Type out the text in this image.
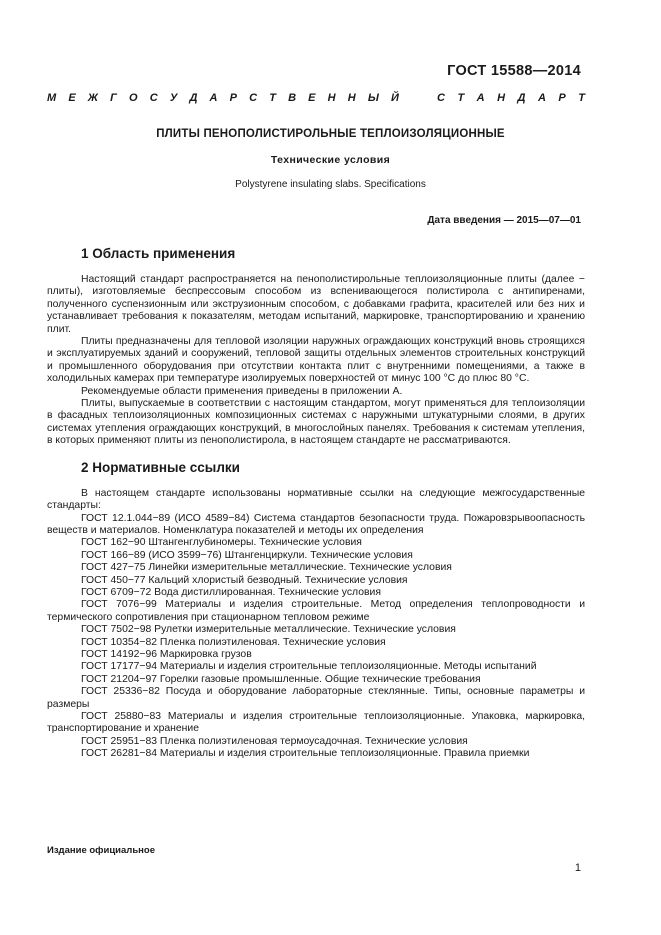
ГОСТ 15588—2014
М Е Ж Г О С У Д А Р С Т В Е Н Н Ы Й	С Т А Н Д А Р Т
ПЛИТЫ ПЕНОПОЛИСТИРОЛЬНЫЕ ТЕПЛОИЗОЛЯЦИОННЫЕ
Технические условия
Polystyrene insulating slabs. Specifications
Дата введения — 2015—07—01
1 Область применения

Настоящий стандарт распространяется на пенополистирольные теплоизоляционные плиты (далее − плиты), изготовляемые беспрессовым способом из вспенивающегося полистирола с антипиренами, полученного суспензионным или экструзионным способом, с добавками графита, красителей или без них и устанавливает требования к показателям, методам испытаний, маркировке, транспортированию и хранению плит.

Плиты предназначены для тепловой изоляции наружных ограждающих конструкций вновь строящихся и эксплуатируемых зданий и сооружений, тепловой защиты отдельных элементов строительных конструкций и промышленного оборудования при отсутствии контакта плит с внутренними помещениями, а также в холодильных камерах при температуре изолируемых поверхностей от минус 100 °С до плюс 80 °С.

Рекомендуемые области применения приведены в приложении А.

Плиты, выпускаемые в соответствии с настоящим стандартом, могут применяться для теплоизоляции в фасадных теплоизоляционных композиционных системах с наружными штукатурными слоями, в других системах утепления ограждающих конструкций, в многослойных панелях. Требования к системам утепления, в которых применяют плиты из пенополистирола, в настоящем стандарте не рассматриваются.

2 Нормативные ссылки

В настоящем стандарте использованы нормативные ссылки на следующие межгосударственные стандарты:

ГОСТ 12.1.044−89 (ИСО 4589−84) Система стандартов безопасности труда. Пожаровзрывоопасность веществ и материалов. Номенклатура показателей и методы их определения

ГОСТ 162−90 Штангенглубиномеры. Технические условия

ГОСТ 166−89 (ИСО 3599−76) Штангенциркули. Технические условия

ГОСТ 427−75 Линейки измерительные металлические. Технические условия

ГОСТ 450−77 Кальций хлористый безводный. Технические условия

ГОСТ 6709−72 Вода дистиллированная. Технические условия

ГОСТ 7076−99 Материалы и изделия строительные. Метод определения теплопроводности и термического сопротивления при стационарном тепловом режиме

ГОСТ 7502−98 Рулетки измерительные металлические. Технические условия

ГОСТ 10354−82 Пленка полиэтиленовая. Технические условия

ГОСТ 14192−96 Маркировка грузов

ГОСТ 17177−94 Материалы и изделия строительные теплоизоляционные. Методы испытаний

ГОСТ 21204−97 Горелки газовые промышленные. Общие технические требования

ГОСТ 25336−82 Посуда и оборудование лабораторные стеклянные. Типы, основные параметры и размеры

ГОСТ 25880−83 Материалы и изделия строительные теплоизоляционные. Упаковка, маркировка, транспортирование и хранение

ГОСТ 25951−83 Пленка полиэтиленовая термоусадочная. Технические условия

ГОСТ 26281−84 Материалы и изделия строительные теплоизоляционные. Правила приемки

Издание официальное
1
